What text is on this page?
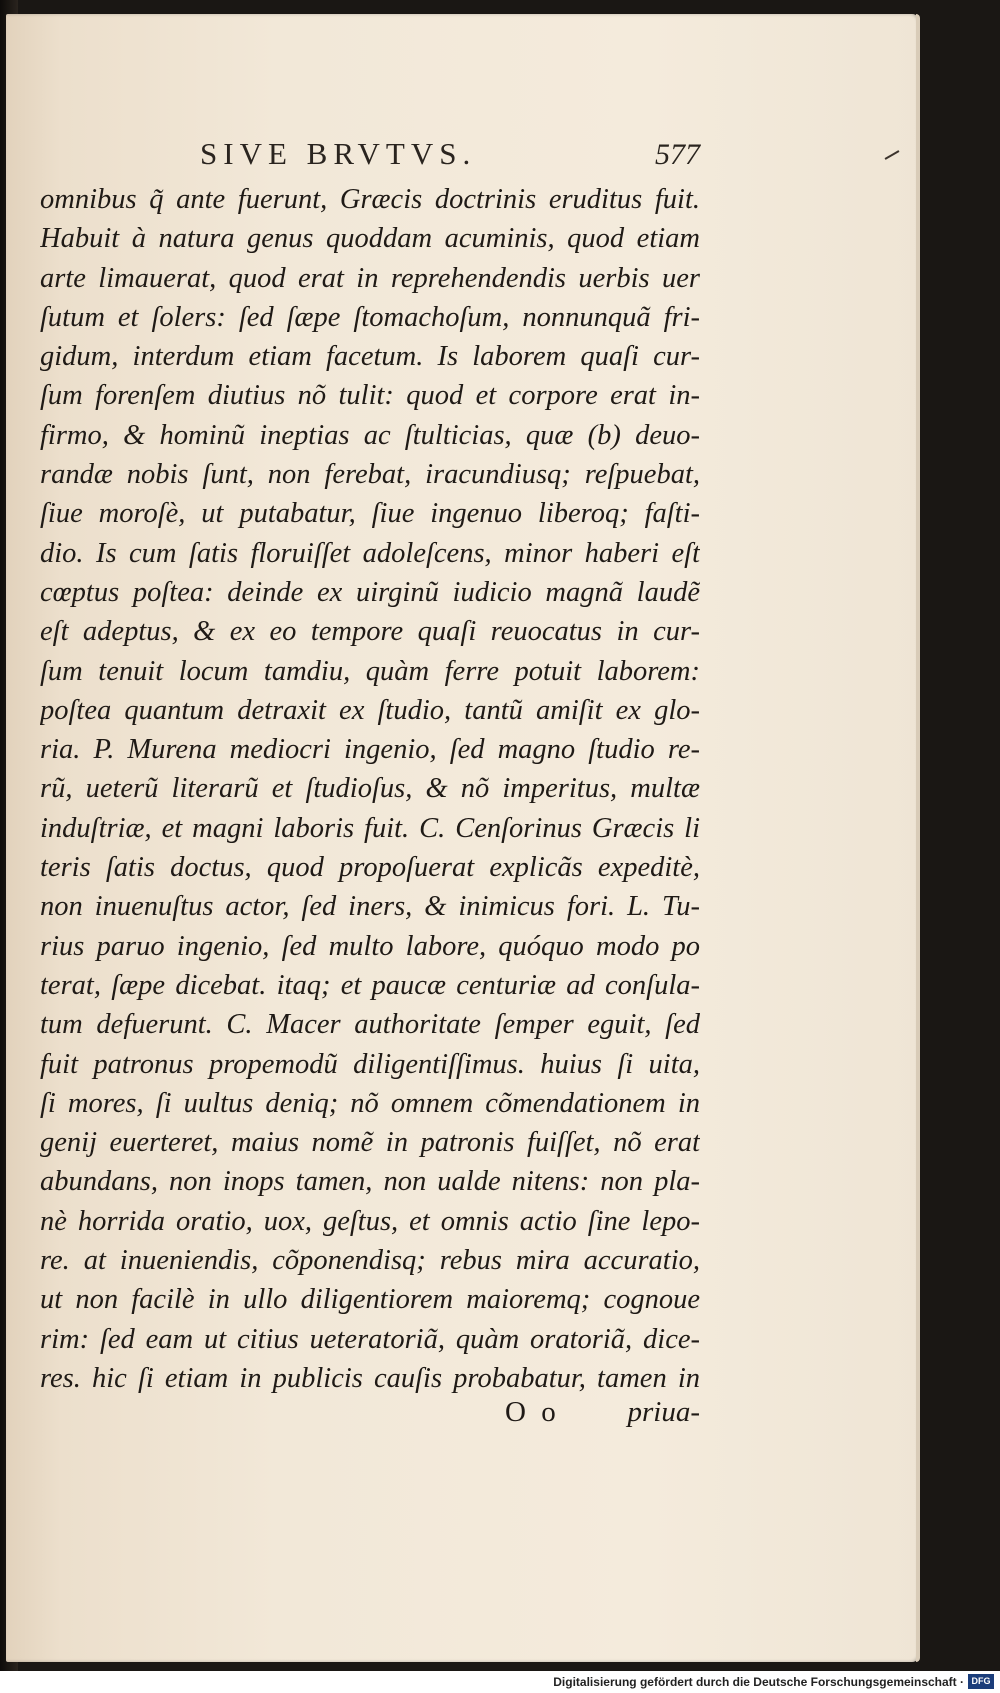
SIVE BRVTVS.	577
omnibus q̃ ante fuerunt, Græcis doctrinis eruditus fuit.
Habuit à natura genus quoddam acuminis, quod etiam
arte limauerat, quod erat in reprehendendis uerbis uer
ſutum et ſolers: ſed ſæpe ſtomachoſum, nonnunquã fri-
gidum, interdum etiam facetum. Is laborem quaſi cur-
ſum forenſem diutius nõ tulit: quod et corpore erat in-
firmo, & hominũ ineptias ac ſtulticias, quæ (b) deuo-
randæ nobis ſunt, non ferebat, iracundiusq; reſpuebat,
ſiue moroſè, ut putabatur, ſiue ingenuo liberoq; faſti-
dio. Is cum ſatis floruiſſet adoleſcens, minor haberi eſt
cœptus poſtea: deinde ex uirginũ iudicio magnã laudẽ
eſt adeptus, & ex eo tempore quaſi reuocatus in cur-
ſum tenuit locum tamdiu, quàm ferre potuit laborem:
poſtea quantum detraxit ex ſtudio, tantũ amiſit ex glo-
ria. P. Murena mediocri ingenio, ſed magno ſtudio re-
rũ, ueterũ literarũ et ſtudioſus, & nõ imperitus, multæ
induſtriæ, et magni laboris fuit. C. Cenſorinus Græcis li
teris ſatis doctus, quod propoſuerat explicãs expeditè,
non inuenuſtus actor, ſed iners, & inimicus fori. L. Tu-
rius paruo ingenio, ſed multo labore, quóquo modo po
terat, ſæpe dicebat. itaq; et paucæ centuriæ ad conſula-
tum defuerunt. C. Macer authoritate ſemper eguit, ſed
fuit patronus propemodũ diligentiſſimus. huius ſi uita,
ſi mores, ſi uultus deniq; nõ omnem cõmendationem in
genij euerteret, maius nomẽ in patronis fuiſſet, nõ erat
abundans, non inops tamen, non ualde nitens: non pla-
nè horrida oratio, uox, geſtus, et omnis actio ſine lepo-
re. at inueniendis, cõponendisq; rebus mira accuratio,
ut non facilè in ullo diligentiorem maioremq; cognoue
rim: ſed eam ut citius ueteratoriã, quàm oratoriã, dice-
res. hic ſi etiam in publicis cauſis probabatur, tamen in
O o priua-
Digitalisierung gefördert durch die Deutsche Forschungsgemeinschaft · DFG
